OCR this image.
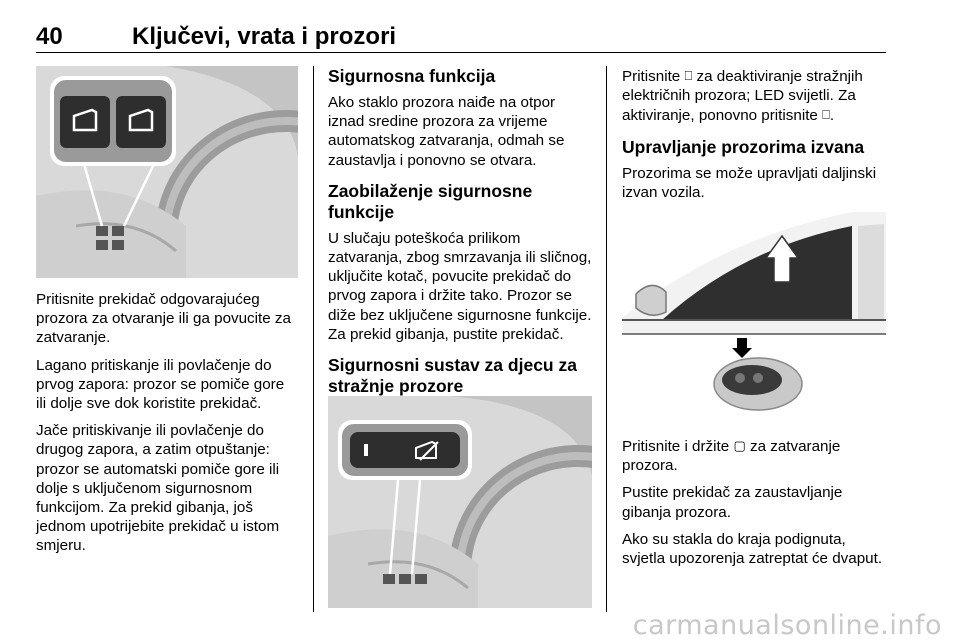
40	Ključevi, vrata i prozori

Pritisnite prekidač odgovarajućeg prozora za otvaranje ili ga povucite za zatvaranje.

Lagano pritiskanje ili povlačenje do prvog zapora: prozor se pomiče gore ili dolje sve dok koristite prekidač.

Jače pritiskivanje ili povlačenje do drugog zapora, a zatim otpuštanje: prozor se automatski pomiče gore ili dolje s uključenom sigurnosnom funkcijom. Za prekid gibanja, još jednom upotrijebite prekidač u istom smjeru.

Sigurnosna funkcija

Ako staklo prozora naiđe na otpor iznad sredine prozora za vrijeme automatskog zatvaranja, odmah se zaustavlja i ponovno se otvara.

Zaobilaženje sigurnosne funkcije

U slučaju poteškoća prilikom zatvaranja, zbog smrzavanja ili sličnog, uključite kotač, povucite prekidač do prvog zapora i držite tako. Prozor se diže bez uključene sigurnosne funkcije. Za prekid gibanja, pustite prekidač.

Sigurnosni sustav za djecu za stražnje prozore

Pritisnite ⎕ za deaktiviranje stražnjih električnih prozora; LED svijetli. Za aktiviranje, ponovno pritisnite ⎕.

Upravljanje prozorima izvana

Prozorima se može upravljati daljinski izvan vozila.

Pritisnite i držite ▢ za zatvaranje prozora.

Pustite prekidač za zaustavljanje gibanja prozora.

Ako su stakla do kraja podignuta, svjetla upozorenja zatreptat će dvaput.

carmanualsonline.info
